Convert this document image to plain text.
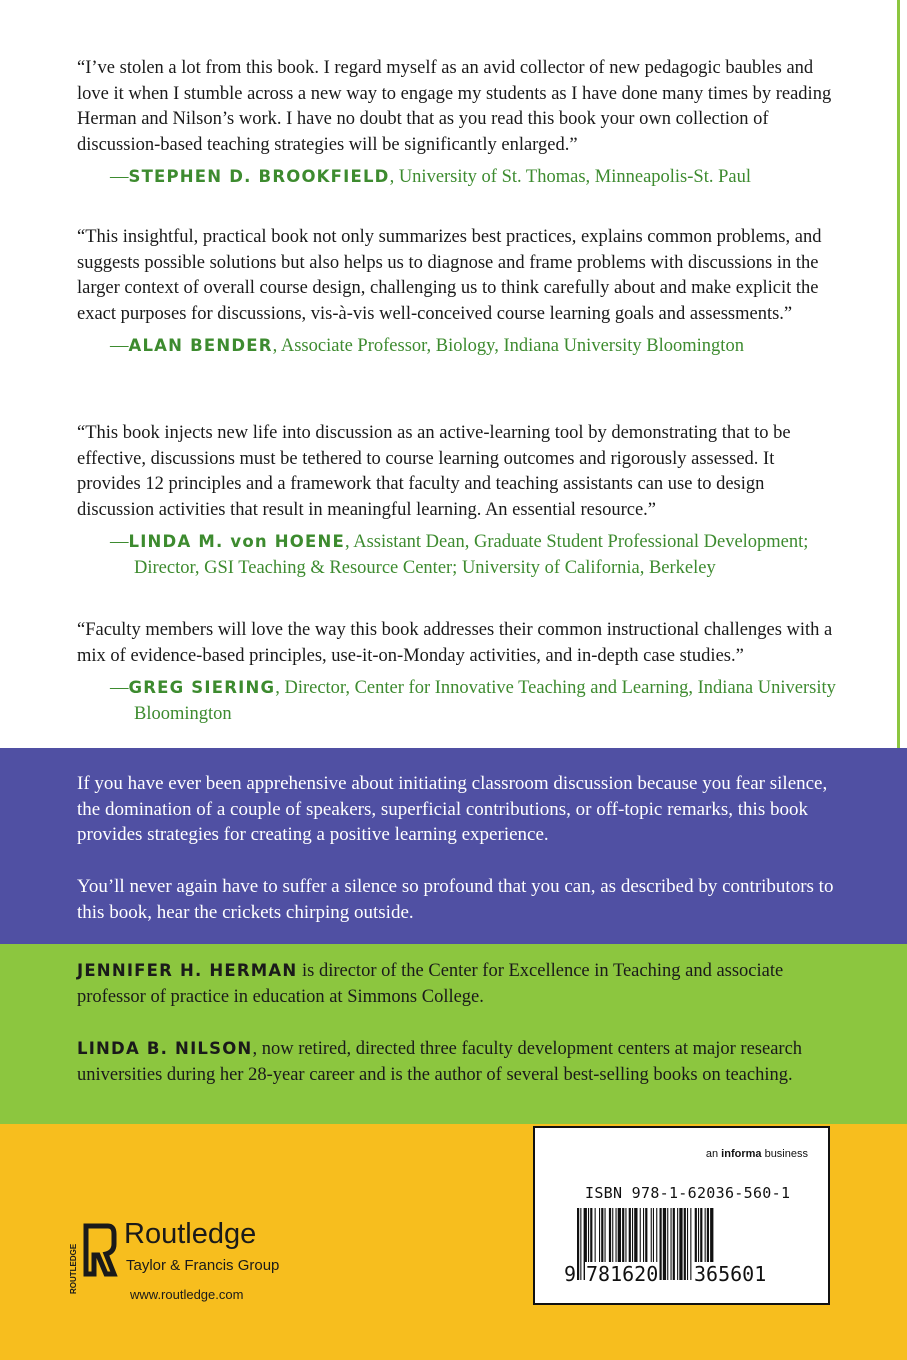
“I’ve stolen a lot from this book. I regard myself as an avid collector of new pedagogic baubles and love it when I stumble across a new way to engage my students as I have done many times by reading Herman and Nilson’s work. I have no doubt that as you read this book your own collection of discussion-based teaching strategies will be significantly enlarged.”

—STEPHEN D. BROOKFIELD, University of St. Thomas, Minneapolis-St. Paul

“This insightful, practical book not only summarizes best practices, explains common problems, and suggests possible solutions but also helps us to diagnose and frame problems with discussions in the larger context of overall course design, challenging us to think carefully about and make explicit the exact purposes for discussions, vis-à-vis well-conceived course learning goals and assessments.”

—ALAN BENDER, Associate Professor, Biology, Indiana University Bloomington

“This book injects new life into discussion as an active-learning tool by demonstrating that to be effective, discussions must be tethered to course learning outcomes and rigorously assessed. It provides 12 principles and a framework that faculty and teaching assistants can use to design discussion activities that result in meaningful learning. An essential resource.”

—LINDA M. von HOENE, Assistant Dean, Graduate Student Professional Development; Director, GSI Teaching & Resource Center; University of California, Berkeley

“Faculty members will love the way this book addresses their common instructional challenges with a mix of evidence-based principles, use-it-on-Monday activities, and in-depth case studies.”

—GREG SIERING, Director, Center for Innovative Teaching and Learning, Indiana University Bloomington

If you have ever been apprehensive about initiating classroom discussion because you fear silence, the domination of a couple of speakers, superficial contributions, or off-topic remarks, this book provides strategies for creating a positive learning experience.

You’ll never again have to suffer a silence so profound that you can, as described by contributors to this book, hear the crickets chirping outside.

JENNIFER H. HERMAN is director of the Center for Excellence in Teaching and associate professor of practice in education at Simmons College.

LINDA B. NILSON, now retired, directed three faculty development centers at major research universities during her 28-year career and is the author of several best-selling books on teaching.

ROUTLEDGE
Routledge
Taylor & Francis Group
www.routledge.com
an informa business
ISBN 978-1-62036-560-1
9 781620 365601
